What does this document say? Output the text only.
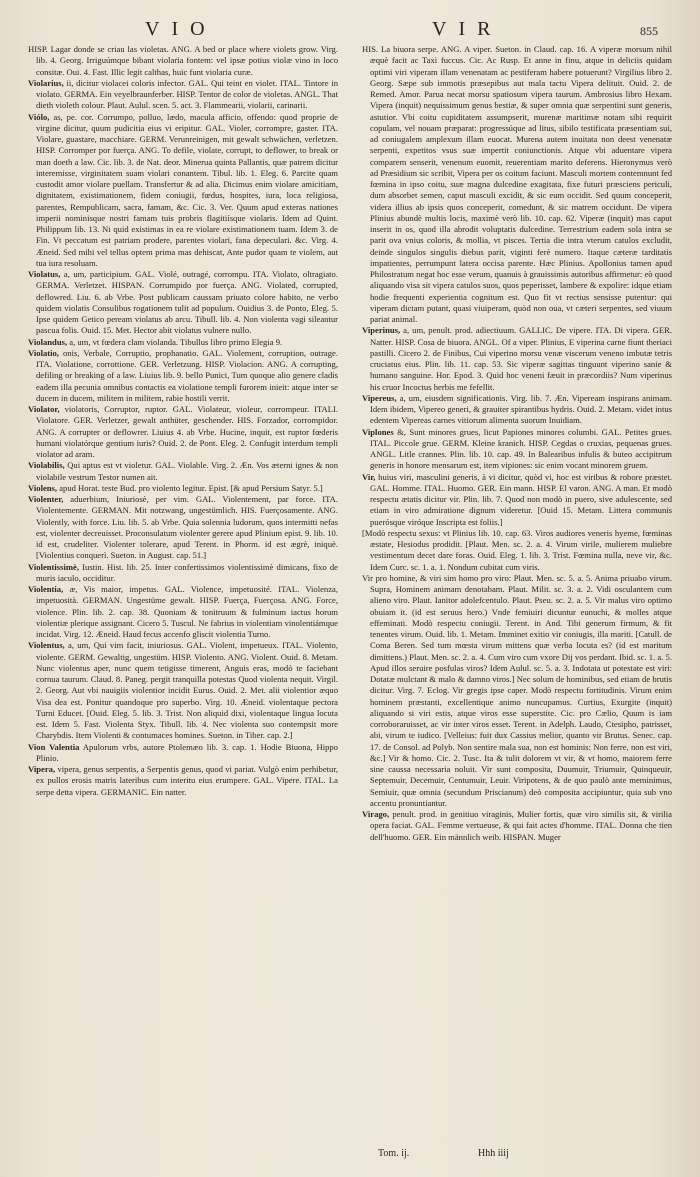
VIO	VIR	855

HISP. Lagar donde se criau las violetas. ANG. A bed or place where violets grow. Virg. lib. 4. Georg. Irriguúmque bibant violaria fontem: vel ipsæ potius violæ vino in loco consitæ. Oui. 4. Fast. Illic legit calthas, huic funt violaria curæ.

Violarius, ii, dicitur violacei coloris infector. GAL. Qui teint en violet. ITAL. Tintore in violato. GERMA. Ein veyelbraunferber. HISP. Tentor de color de violetas. ANGL. That dieth violeth colour. Plaut. Aulul. scen. 5. act. 3. Flammearii, violarii, carinarii.

Viólo, as, pe. cor. Corrumpo, polluo, lædo, macula afficio, offendo: quod proprie de virgine dicitur, quum pudicitia eius vi eripitur. GAL. Violer, corrompre, gaster. ITA. Violare, guastare, macchiare. GERM. Verunreinigen, mit gewalt schwächen, verletzen. HISP. Corromper por fuerça. ANG. To defile, violate, corrupt, to deflower, to break or man doeth a law. Cic. lib. 3. de Nat. deor. Minerua quinta Pallantis, quæ patrem dicitur interemisse, virginitatem suam violari conantem. Tibul. lib. 1. Eleg. 6. Parcite quam custodit amor violare puellam. Transfertur & ad alia. Dicimus enim violare amicitiam, dignitatem, existimationem, fidem coniugii, fœdus, hospites, iura, loca religiosa, parentes, Rempublicam, sacra, famam, &c. Cic. 3. Ver. Quum apud exteras nationes imperii nominisque nostri famam tuis probris flagitiísque violaris. Idem ad Quint. Philippum lib. 13. Ni quid existimas in ea re violare existimationem tuam. Idem 3. de Fin. Vt peccatum est patriam prodere, parentes violari, fana depeculari. &c. Virg. 4. Æneid. Sed mihi vel tellus optem prima mas dehiscat, Ante pudor quam te violem, aut tua iura resoluam.

Violatus, a, um, participium. GAL. Violé, outragé, corrompu. ITA. Violato, oltragiato. GERMA. Verletzet. HISPAN. Corrumpido por fuerça. ANG. Violated, corrupted, deflowred. Liu. 6. ab Vrbe. Post publicam caussam priuato colore habito, ne verbo quidem violatis Consulibus rogationem tulit ad populum. Ouidius 3. de Ponto, Eleg. 5. Ipse quidem Getico peream violatus ab arcu. Tibull. lib. 4. Non violenta vagi sileantur pascua folis. Ouid. 15. Met. Hector abit violatus vulnere nullo.

Violandus, a, um, vt fœdera clam violanda. Tibullus libro primo Elegia 9.

Violatio, onis, Verbale, Corruptio, prophanatio. GAL. Violement, corruption, outrage. ITA. Violatione, corrottione. GER. Verletzung. HISP. Violacion. ANG. A corrupting, defiling or breaking of a law. Liuius lib. 9. bello Punici, Tum quoque alio genere cladis eadem illa pecunia omnibus contactis ea violatione templi furorem inieit: atque inter se ducem in ducem, militem in militem, rabie hostili verrit.

Violator, violatoris, Corruptor, ruptor. GAL. Violateur, violeur, corrompeur. ITALI. Violatore. GER. Verletzer, gewalt anthüter, geschender. HIS. Forzador, corrompidor. ANG. A corrupter or deflowrer. Liuius 4. ab Vrbe. Hucine, inquit, est ruptor fœderis humani violatórque gentium iuris? Ouid. 2. de Pont. Eleg. 2. Confugit interdum templi violator ad aram.

Violabilis, Qui aptus est vt violetur. GAL. Violable. Virg. 2. Æn. Vos æterni ignes & non violabile vestrum Testor numen ait.

Violens, apud Horat. teste Bud. pro violento legitur. Epist. [& apud Persium Satyr. 5.]

Violenter, aduerbium, Iniuriosè, per vim. GAL. Violentement, par force. ITA. Violentemente. GERMAN. Mit notzwang, ungestümlich. HIS. Fuerçosamente. ANG. Violently, with force. Liu. lib. 5. ab Vrbe. Quia solennia ludorum, quos intermitti nefas est, violenter decreuisset. Proconsulatum violenter gerere apud Plinium epist. 9. lib. 10. id est, crudeliter. Violenter tolerare, apud Terent. in Phorm. id est ægrè, iniquè. [Violentius conquerì. Sueton. in August. cap. 51.]

Violentissimè, Iustin. Hist. lib. 25. Inter confertissimos violentissimè dimicans, fixo de muris iaculo, occiditur.

Violentia, æ, Vis maior, impetus. GAL. Violence, impetuosité. ITAL. Violenza, impetuosità. GERMAN. Ungestüme gewalt. HISP. Fuerça, Fuerçosa. ANG. Force, violence. Plin. lib. 2. cap. 38. Quoniam & tonitruum & fulminum iactus horum violentiæ plerique assignant. Cicero 5. Tuscul. Ne fabrius in violentiam vinolentiámque incidat. Virg. 12. Æneid. Haud fecus accenfo gliscit violentia Turno.

Violentus, a, um, Qui vim facit, iniuriosus. GAL. Violent, impetueux. ITAL. Violento, violente. GERM. Gewaltig, ungestüm. HISP. Violento. ANG. Violent. Ouid. 8. Metam. Nunc violentus aper, nunc quem tetigisse timerent, Anguis eras, modò te faciebant cornua taurum. Claud. 8. Paneg. pergit tranquilla potestas Quod violenta nequit. Virgil. 2. Georg. Aut vbi nauigiis violentior incidit Eurus. Ouid. 2. Met. alii violentior æquo Visa dea est. Ponitur quandoque pro superbo. Virg. 10. Æneid. violentaque pectora Turni Educet. [Ouid. Eleg. 5. lib. 3. Trist. Non aliquid dixi, violentaque lingua locuta est. Idem 5. Fast. Violenta Styx. Tibull. lib. 4. Nec violenta suo contempsit more Charybdis. Item Violenti & contumaces homines. Sueton. in Tiber. cap. 2.]

Vion Valentia Apulorum vrbs, autore Ptolemæo lib. 3. cap. 1. Hodie Biuona, Hippo Plinio.

Vipera, vipera, genus serpentis, a Serpentis genus, quod vi pariat. Vulgò enim perhibetur, ex pullos erosis matris lateribus cum interitu eius erumpere. GAL. Vipere. ITAL. La serpe detta vipera. GERMANIC. Ein natter.

HIS. La biuora serpe. ANG. A viper. Sueton. in Claud. cap. 16. A viperæ morsum nihil æquè facit ac Taxi fuccus. Cic. Ac Rusp. Et anne in finu, atque in deliciis quidam optimi viri viperam illam venenatam ac pestiferam habere potuerunt? Virgilius libro 2. Georg. Sæpe sub immotis præsepibus aut mala tactu Vipera delituit. Ouid. 2. de Remed. Amor. Parua necat morsu spatiosum vipera taurum. Ambrosius libro Hexam. Vipera (inquit) nequissimum genus bestiæ, & super omnia quæ serpentini sunt generis, astutior. Vbi coitu cupiditatem assumpserit, murenæ maritimæ notam sibi requirit copulam, vel nouam præparat: progressúque ad litus, sibilo testificata præsentiam sui, ad coniugalem amplexum illam euocat. Murena autem inuitata non deest venenatæ serpenti, expetitos vsus suæ impertit coniunctionis. Atque vbi aduentare vipera comparem senserit, venenum euomit, reuerentiam marito deferens. Hieronymus verò ad Præsidium sic scribit, Vipera per os coitum faciunt. Masculi mortem contemnunt fed fœmina in ipso coitu, suæ magna dulcedine exagitata, fixe futuri præsciens periculi, dum absorbet semen, caput masculi excidit, & sic eum occidit. Sed quum conceperit, videra illius ab ipsis quos conceperit, comedunt, & sic matrem occidunt. De vipera Plinius abundè multis locis, maximè verò lib. 10. cap. 62. Viperæ (inquit) mas caput inserit in os, quod illa abrodit voluptatis dulcedine. Terrestrium eadem sola intra se parit ova vnius coloris, & mollia, vt pisces. Tertia die intra vterum catulos excludit, deinde singulos singulis diebus parit, viginti ferè numero. Itaque cæteræ tarditatis impatientes, perrumpunt latera occisa parente. Hæc Plinius. Apollonius tamen apud Philostratum negat hoc esse verum, quanuis à grauissimis autoribus affirmetur: eò quod aliquando visa sit vipera catulos suos, quos peperisset, lambere & expolire: idque etiam hodie frequenti experientia cognitum est. Quo fit vt rectius sensisse putentur: qui viperam dictam putant, quasi viuiperam, quòd non oua, vt cæteri serpentes, sed viuum pariat animal.

Viperinus, a, um, penult. prod. adiectiuum. GALLIC. De vipere. ITA. Di vipera. GER. Natter. HISP. Cosa de biuora. ANGL. Of a viper. Plinius, E viperina carne fiunt theriaci pastilli. Cicero 2. de Finibus, Cui viperino morsu venæ viscerum veneno imbutæ tetris cruciatus eius. Plin. lib. 11. cap. 53. Sic viperæ sagittas tinguunt viperino sanie & humano sanguine. Hor. Epod. 3. Quid hoc veneni fæuit in præcordiis? Num viperinus his cruor Incoctus herbis me fefellit.

Vipereus, a, um, eiusdem significationis. Virg. lib. 7. Æn. Vipeream inspirans animam. Idem ibidem, Vipereo generi, & grauiter spirantibus hydris. Ouid. 2. Metam. videt intus edentem Vipereas carnes vitiorum alimenta suorum Inuidiam.

Viplones &, Sunt minores grues, licut Papiones minores columbi. GAL. Petites grues. ITAL. Piccole grue. GERM. Kleine kranich. HISP. Cegdas o cruxias, pequenas grues. ANGL. Litle crannes. Plin. lib. 10. cap. 49. In Balearibus infulis & buteo accipitrum generis in honore mensarum est, item vipiones: sic enim vocant minorem gruem.

Vir, huius viri, masculini generis, à vi dicitur, quòd vi, hoc est viribus & robore præstet. GAL. Homme. ITAL. Huomo. GER. Ein mann. HISP. El varon. ANG. A man. Et modò respectu ætatis dicitur vir. Plin. lib. 7. Quod non modò in puero, sive adulescente, sed etiam in viro admiratione dignum videretur. [Ouid 15. Metam. Littera communis puerósque viróque Inscripta est foliis.]

[Modò respectu sexus: vt Plinius lib. 10. cap. 63. Viros audiores veneris hyeme, fœminas æstate, Hesiodus prodidit. [Plaut. Men. sc. 2. a. 4. Virum virile, mulierem muliebre vestimentum decet dare foras. Ouid. Eleg. 1. lib. 3. Trist. Fœmina nulla, neve vir, &c. Idem Curc. sc. 1. a. 1. Nondum cubitat cum viris.

Vir pro homine, & viri sim homo pro viro: Plaut. Men. sc. 5. a. 5. Anima priuabo virum. Supra, Hominem animam denotabam. Plaut. Milit. sc. 3. a. 2. Vidi osculantem cum alieno viro. Plaut. Ianitor adolefcentulo. Plaut. Pseu. sc. 2. a. 5. Vir malus viro optimo obuiam it. (id est seruus hero.) Vnde femiuiri dicuntur eunuchi, & molles atque effeminati. Modò respectu coniugii. Terent. in And. Tibi generum firmum, & fit tenentes virum. Ouid. lib. 1. Metam. Imminet exitio vir coniugis, illa mariti. [Catull. de Coma Beren. Sed tum mœsta virum mittens quæ verba locuta es? (id est maritum dimittens.) Plaut. Men. sc. 2. a. 4. Cum viro cum vxore Dij vos perdant. Ibid. sc. 1. a. 5. Apud illos seruire posfulas viros? Idem Aulul. sc. 5. a. 3. Indotata ut potestate est viri: Dotatæ mulctant & malo & damno viros.] Nec solum de hominibus, sed etiam de brutis dicitur. Virg. 7. Eclog. Vir gregis ipse caper. Modò respectu fortitudinis. Virum enim hominem præstanti, excellentique animo nuncupamus. Curtius, Exurgite (inquit) aliquando si viri estis, atque viros esse superstite. Cic. pro Cælio, Quum is iam corroboraruisset, ac vir inter viros esset. Terent. in Adelph. Laudo, Ctesipho, patrisset, abi, virum te iudico. [Velleius: fuit dux Cassius melior, quanto vir Brutus. Senec. cap. 17. de Consol. ad Polyb. Non sentire mala sua, non est hominis: Non ferre, non est viri, &c.] Vir & homo. Cic. 2. Tusc. Ita & tulit dolorem vt vir, & vt homo, maiorem ferre sine caussa necessaria noluit. Vir sunt composita, Duumuir, Triumuir, Quinqueuir, Septemuir, Decemuir, Centumuir, Leuir. Viripotens, & de quo paulò ante meminimus, Semiuir, quæ omnia (secundum Priscianum) deò composita accipiuntur, quia sub vno accentu pronuntiantur.

Virago, penult. prod. in genitiuo viraginis, Mulier fortis, quæ viro similis sit, & virilia opera faciat. GAL. Femme vertueuse, & qui fait actes d'homme. ITAL. Donna che tien dell'huomo. GER. Ein männlich weib. HISPAN. Muger

Tom. ij.	Hhh iiij
